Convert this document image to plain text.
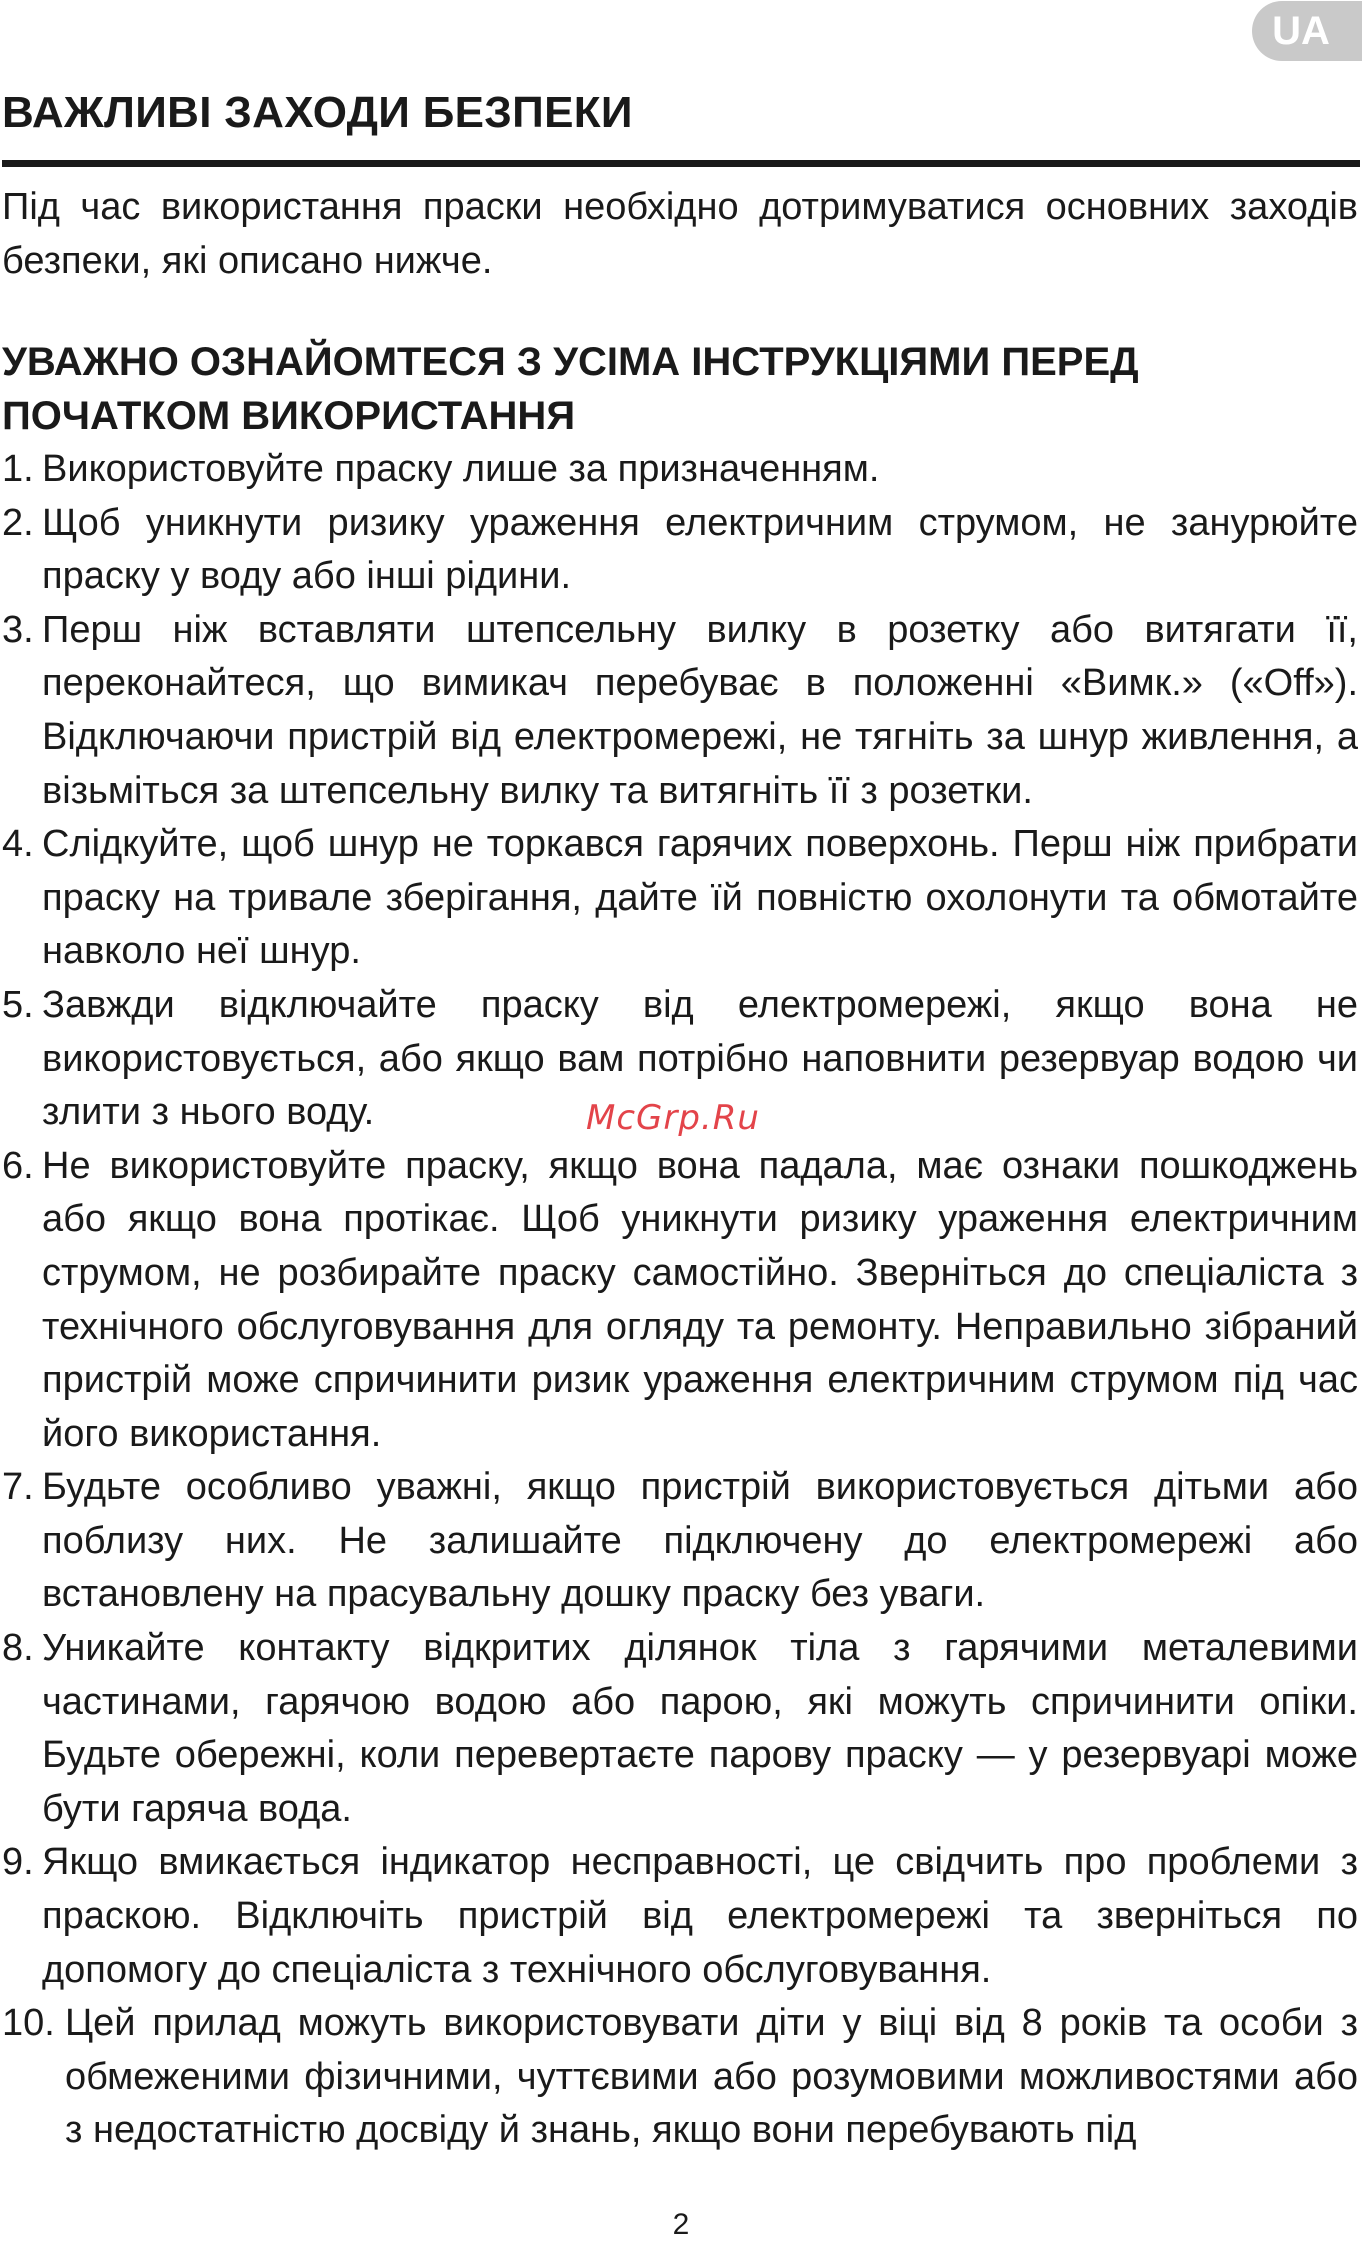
UA
ВАЖЛИВІ ЗАХОДИ БЕЗПЕКИ

Під час використання праски необхідно дотримуватися основних заходів безпеки, які описано нижче.

УВАЖНО ОЗНАЙОМТЕСЯ З УСІМА ІНСТРУКЦІЯМИ ПЕРЕД ПОЧАТКОМ ВИКОРИСТАННЯ
1. Використовуйте праску лише за призначенням.
2. Щоб уникнути ризику ураження електричним струмом, не занурюйте праску у воду або інші рідини.
3. Перш ніж вставляти штепсельну вилку в розетку або витягати її, переконайтеся, що вимикач перебуває в положенні «Вимк.» («Off»). Відключаючи пристрій від електромережі, не тягніть за шнур живлення, а візьміться за штепсельну вилку та витягніть її з розетки.
4. Слідкуйте, щоб шнур не торкався гарячих поверхонь. Перш ніж прибрати праску на тривале зберігання, дайте їй повністю охолонути та обмотайте навколо неї шнур.
5. Завжди відключайте праску від електромережі, якщо вона не використовується, або якщо вам потрібно наповнити резервуар водою чи злити з нього воду.
6. Не використовуйте праску, якщо вона падала, має ознаки пошкоджень або якщо вона протікає. Щоб уникнути ризику ураження електричним струмом, не розбирайте праску самостійно. Зверніться до спеціаліста з технічного обслуговування для огляду та ремонту. Неправильно зібраний пристрій може спричинити ризик ураження електричним струмом під час його використання.
7. Будьте особливо уважні, якщо пристрій використовується дітьми або поблизу них. Не залишайте підключену до електромережі або встановлену на прасувальну дошку праску без уваги.
8. Уникайте контакту відкритих ділянок тіла з гарячими металевими частинами, гарячою водою або парою, які можуть спричинити опіки. Будьте обережні, коли перевертаєте парову праску — у резервуарі може бути гаряча вода.
9. Якщо вмикається індикатор несправності, це свідчить про проблеми з праскою. Відключіть пристрій від електромережі та зверніться по допомогу до спеціаліста з технічного обслуговування.
10. Цей прилад можуть використовувати діти у віці від 8 років та особи з обмеженими фізичними, чуттєвими або розумовими можливостями або з недостатністю досвіду й знань, якщо вони перебувають під
McGrp.Ru
2
